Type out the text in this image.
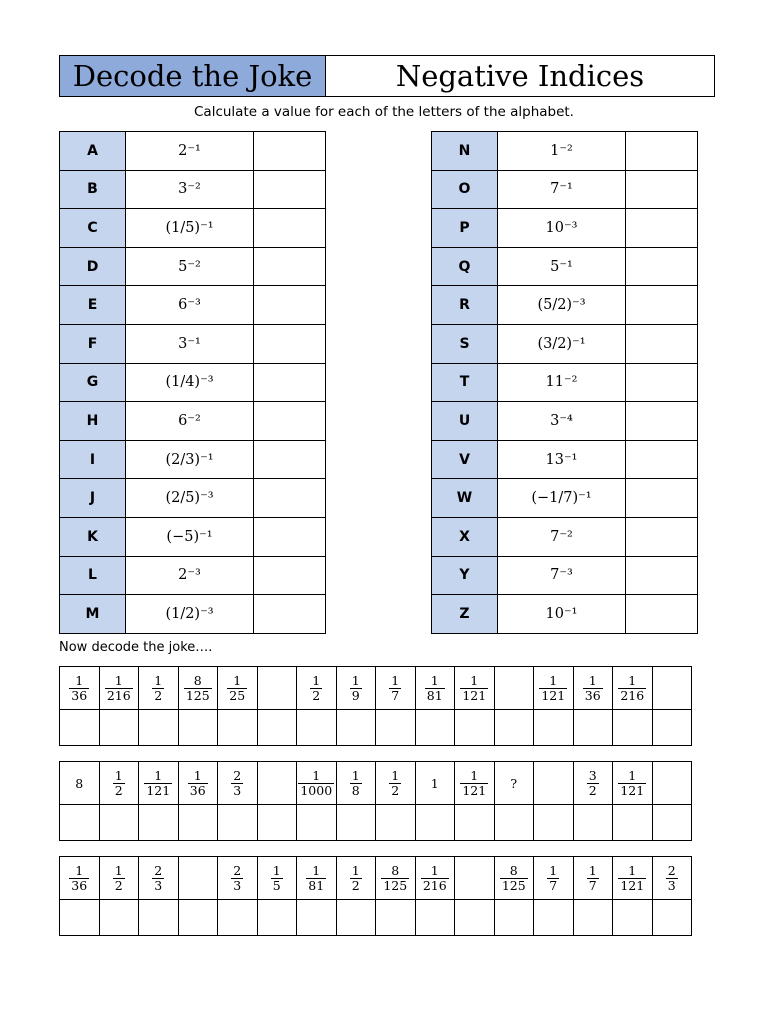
Decode the Joke	Negative Indices
Calculate a value for each of the letters of the alphabet.
A	2⁻¹	
B	3⁻²	
C	(1/5)⁻¹	
D	5⁻²	
E	6⁻³	
F	3⁻¹	
G	(1/4)⁻³	
H	6⁻²	
I	(2/3)⁻¹	
J	(2/5)⁻³	
K	(−5)⁻¹	
L	2⁻³	
M	(1/2)⁻³	
N	1⁻²	
O	7⁻¹	
P	10⁻³	
Q	5⁻¹	
R	(5/2)⁻³	
S	(3/2)⁻¹	
T	11⁻²	
U	3⁻⁴	
V	13⁻¹	
W	(−1/7)⁻¹	
X	7⁻²	
Y	7⁻³	
Z	10⁻¹	
Now decode the joke….
$\frac{1}{36}$	$\frac{1}{216}$	$\frac{1}{2}$	$\frac{8}{125}$	$\frac{1}{25}$		$\frac{1}{2}$	$\frac{1}{9}$	$\frac{1}{7}$	$\frac{1}{81}$	$\frac{1}{121}$		$\frac{1}{121}$	$\frac{1}{36}$	$\frac{1}{216}$

8	$\frac{1}{2}$	$\frac{1}{121}$	$\frac{1}{36}$	$\frac{2}{3}$		$\frac{1}{1000}$	$\frac{1}{8}$	$\frac{1}{2}$	1	$\frac{1}{121}$	?		$\frac{3}{2}$	$\frac{1}{121}$

$\frac{1}{36}$	$\frac{1}{2}$	$\frac{2}{3}$		$\frac{2}{3}$	$\frac{1}{5}$	$\frac{1}{81}$	$\frac{1}{2}$	$\frac{8}{125}$	$\frac{1}{216}$		$\frac{8}{125}$	$\frac{1}{7}$	$\frac{1}{7}$	$\frac{1}{121}$	$\frac{2}{3}$
